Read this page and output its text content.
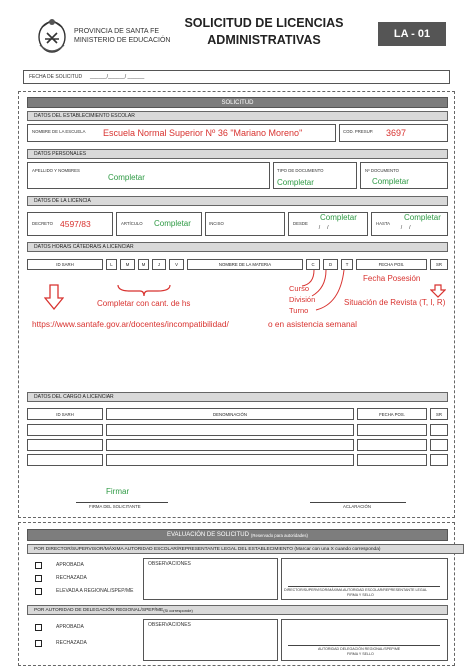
PROVINCIA DE SANTA FE
MINISTERIO DE EDUCACIÓN
SOLICITUD DE LICENCIAS
ADMINISTRATIVAS	LA - 01
FECHA DE SOLICITUD ______/______/ ______
SOLICITUD
DATOS DEL ESTABLECIMIENTO ESCOLAR
NOMBRE DE LA ESCUELA Escuela Normal Superior Nº 36 "Mariano Moreno"	COD. PRESUP. 3697
DATOS PERSONALES
APELLIDO Y NOMBRES
Completar
TIPO DE DOCUMENTO
Completar
Nº DOCUMENTO
Completar
DATOS DE LA LICENCIA
DECRETO 4597/83	ARTÍCULO Completar	INCISO	DESDE
Completar
/     /
HASTA
Completar
/     /
DATOS HORA/S CÁTEDRA/S A LICENCIAR
ID SARH	L	M	M	J	V	NOMBRE DE LA MATERIA	C	D	T	FECHA POS.	SR
Completar con cant. de hs
Curso
División
Turno
Fecha Posesión
Situación de Revista (T, I, R)
https://www.santafe.gov.ar/docentes/incompatibilidad/	o en asistencia semanal
DATOS DEL CARGO A LICENCIAR
ID SARH	DENOMINACIÓN	FECHA POS.	SR
Firmar
FIRMA DEL SOLICITANTE	ACLARACIÓN
EVALUACIÓN DE SOLICITUD (Reservado para autoridades)
POR DIRECTOR/SUPERVISOR/MÁXIMA AUTORIDAD ESCOLAR/REPRESENTANTE LEGAL DEL ESTABLECIMIENTO (Marcar con una X cuando corresponda)
APROBADA
RECHAZADA
ELEVADA A REGIONAL/SPEP/ME
OBSERVACIONES
DIRECTOR/SUPERVISOR/MÁXIMA AUTORIDAD ESCOLAR/REPRESENTANTE LEGAL
FIRMA Y SELLO
POR AUTORIDAD DE DELEGACIÓN REGIONAL/SPEP/ME (Si corresponde)
APROBADA
RECHAZADA
OBSERVACIONES
AUTORIDAD DELEGACIÓN REGIONAL/SPEP/ME
FIRMA Y SELLO
